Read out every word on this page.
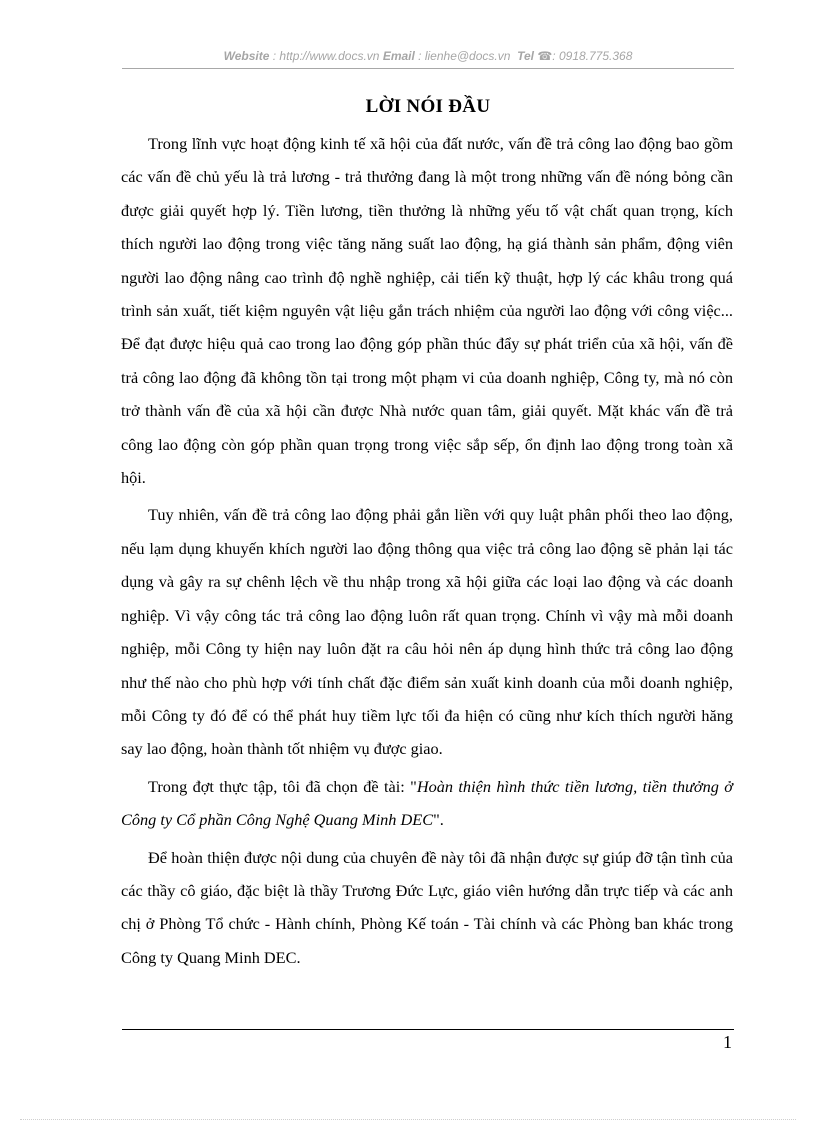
Website : http://www.docs.vn Email : lienhe@docs.vn Tel ☎: 0918.775.368
LỜI NÓI ĐẦU

Trong lĩnh vực hoạt động kinh tế xã hội của đất nước, vấn đề trả công lao động bao gồm các vấn đề chủ yếu là trả lương - trả thưởng đang là một trong những vấn đề nóng bỏng cần được giải quyết hợp lý. Tiền lương, tiền thưởng là những yếu tố vật chất quan trọng, kích thích người lao động trong việc tăng năng suất lao động, hạ giá thành sản phẩm, động viên người lao động nâng cao trình độ nghề nghiệp, cải tiến kỹ thuật, hợp lý các khâu trong quá trình sản xuất, tiết kiệm nguyên vật liệu gắn trách nhiệm của người lao động với công việc... Để đạt được hiệu quả cao trong lao động góp phần thúc đẩy sự phát triển của xã hội, vấn đề trả công lao động đã không tồn tại trong một phạm vi của doanh nghiệp, Công ty, mà nó còn trở thành vấn đề của xã hội cần được Nhà nước quan tâm, giải quyết. Mặt khác vấn đề trả công lao động còn góp phần quan trọng trong việc sắp sếp, ổn định lao động trong toàn xã hội.

Tuy nhiên, vấn đề trả công lao động phải gắn liền với quy luật phân phối theo lao động, nếu lạm dụng khuyến khích người lao động thông qua việc trả công lao động sẽ phản lại tác dụng và gây ra sự chênh lệch về thu nhập trong xã hội giữa các loại lao động và các doanh nghiệp. Vì vậy công tác trả công lao động luôn rất quan trọng. Chính vì vậy mà mỗi doanh nghiệp, mỗi Công ty hiện nay luôn đặt ra câu hỏi nên áp dụng hình thức trả công lao động như thế nào cho phù hợp với tính chất đặc điểm sản xuất kinh doanh của mỗi doanh nghiệp, mỗi Công ty đó để có thể phát huy tiềm lực tối đa hiện có cũng như kích thích người hăng say lao động, hoàn thành tốt nhiệm vụ được giao.

Trong đợt thực tập, tôi đã chọn đề tài: "Hoàn thiện hình thức tiền lương, tiền thưởng ở Công ty Cổ phần Công Nghệ Quang Minh DEC".

Để hoàn thiện được nội dung của chuyên đề này tôi đã nhận được sự giúp đỡ tận tình của các thầy cô giáo, đặc biệt là thầy Trương Đức Lực, giáo viên hướng dẫn trực tiếp và các anh chị ở Phòng Tổ chức - Hành chính, Phòng Kế toán - Tài chính và các Phòng ban khác trong Công ty Quang Minh DEC.

1
